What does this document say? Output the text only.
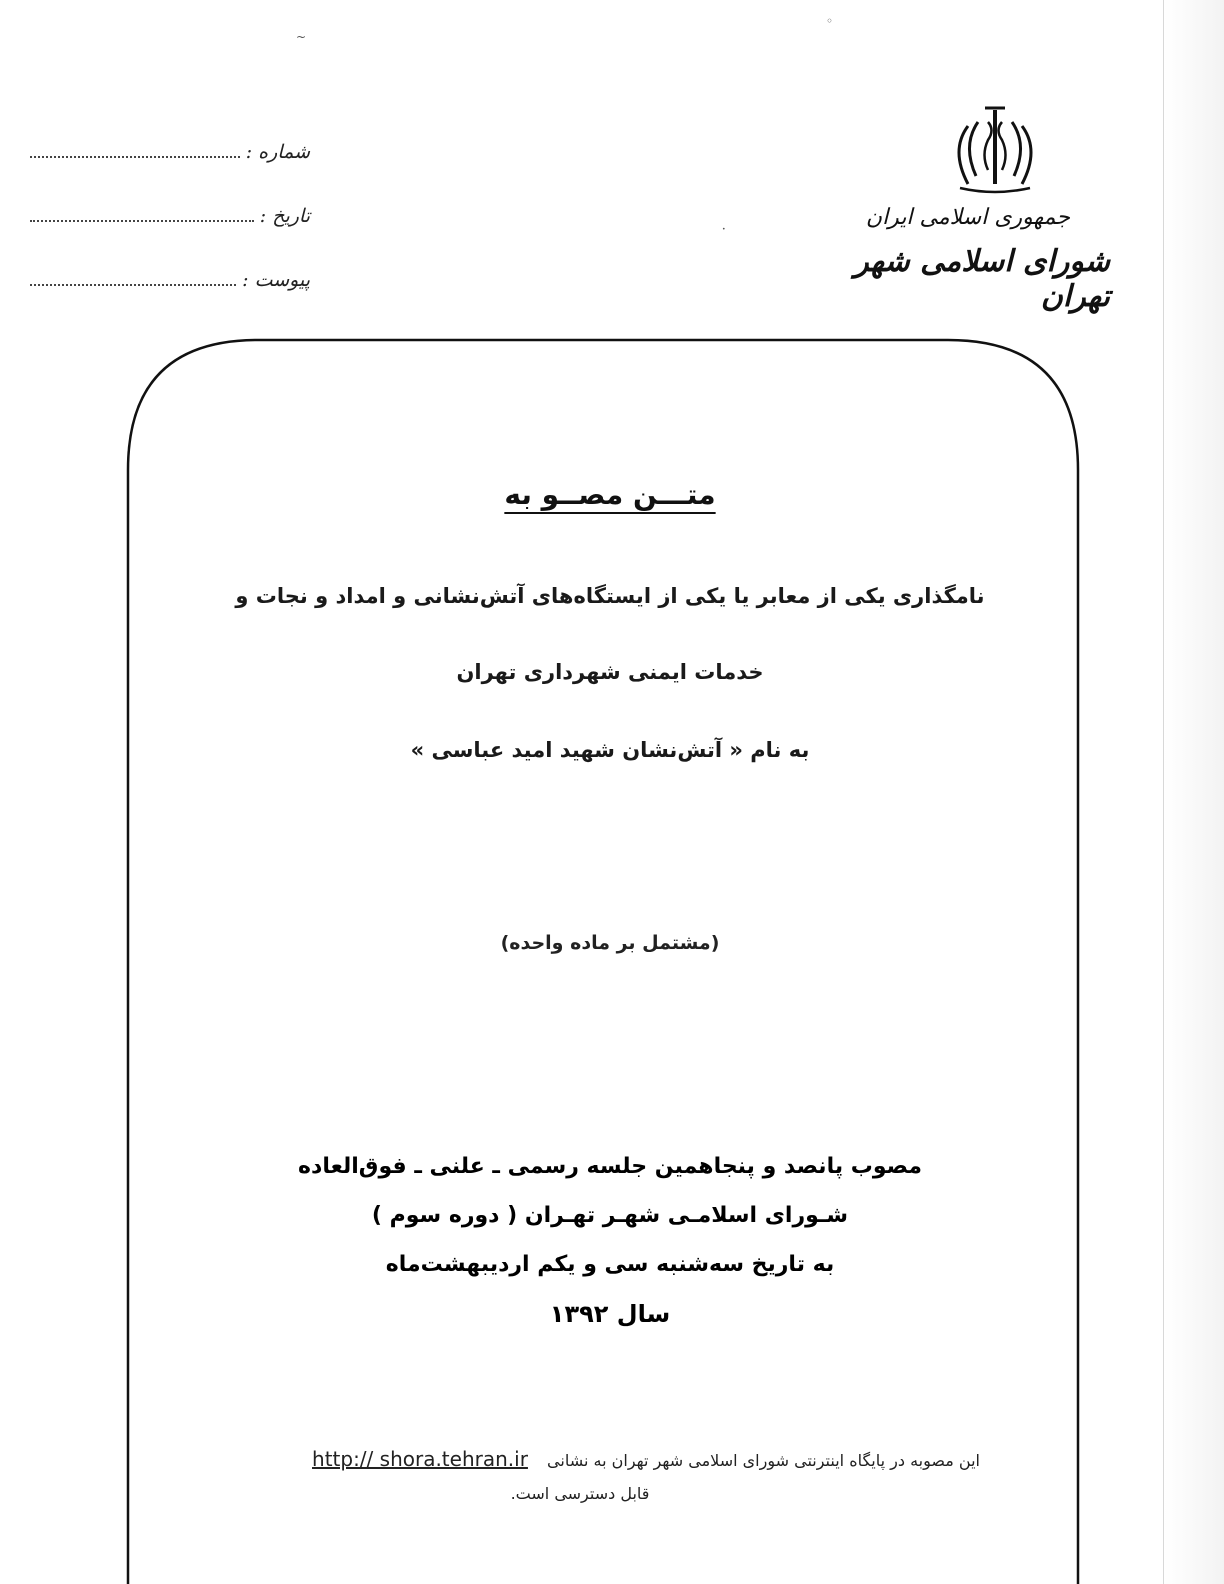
~
◦
•
شماره :
تاریخ :
پیوست :
جمهوری اسلامی ایران
شورای اسلامی شهر تهران
متـــن مصــو به
نامگذاری یکی از معابر یا یکی از ایستگاه‌های آتش‌نشانی و امداد و نجات و
خدمات ایمنی شهرداری تهران
به نام « آتش‌نشان شهید امید عباسی »
(مشتمل بر ماده واحده)
مصوب پانصد و پنجاهمین جلسه رسمی ـ علنی ـ فوق‌العاده
شـورای اسلامـی شهـر تهـران ( دوره سوم )
به تاریخ سه‌شنبه سی و یکم اردیبهشت‌ماه
سال ۱۳۹۲
این مصوبه در پایگاه اینترنتی شورای اسلامی شهر تهران به نشانی http:// shora.tehran.ir
قابل دسترسی است.
